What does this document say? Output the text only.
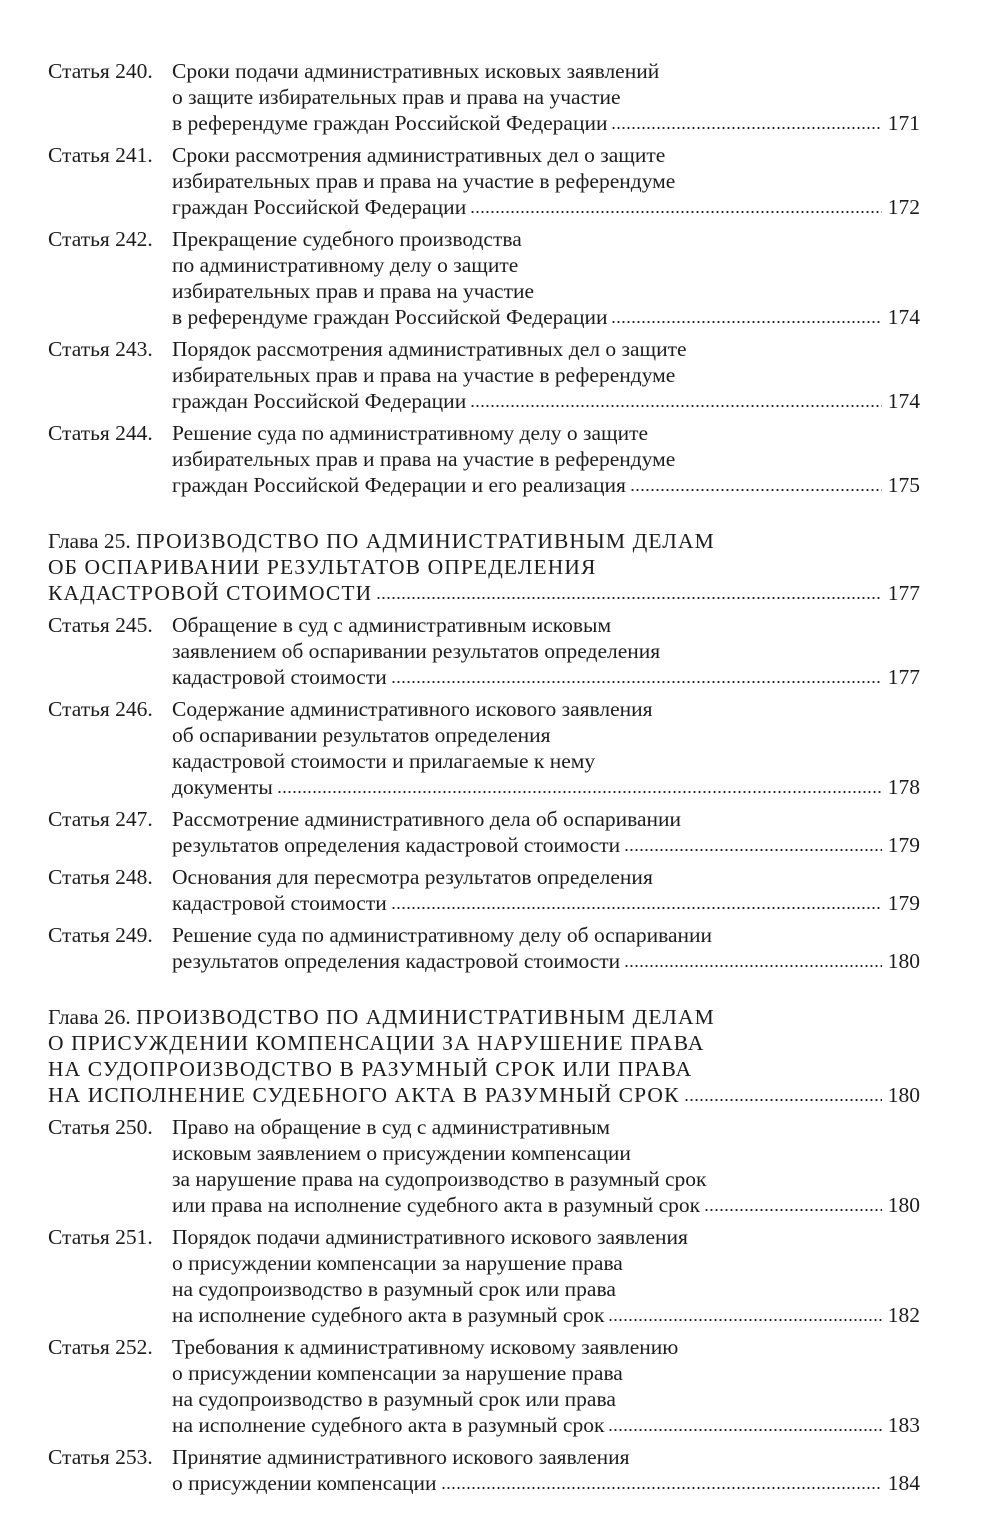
Статья 240. Сроки подачи административных исковых заявлений
о защите избирательных прав и права на участие
в референдуме граждан Российской Федерации	171
Статья 241. Сроки рассмотрения административных дел о защите
избирательных прав и права на участие в референдуме
граждан Российской Федерации	172
Статья 242. Прекращение судебного производства
по административному делу о защите
избирательных прав и права на участие
в референдуме граждан Российской Федерации	174
Статья 243. Порядок рассмотрения административных дел о защите
избирательных прав и права на участие в референдуме
граждан Российской Федерации	174
Статья 244. Решение суда по административному делу о защите
избирательных прав и права на участие в референдуме
граждан Российской Федерации и его реализация	175
Глава 25. ПРОИЗВОДСТВО ПО АДМИНИСТРАТИВНЫМ ДЕЛАМ
ОБ ОСПАРИВАНИИ РЕЗУЛЬТАТОВ ОПРЕДЕЛЕНИЯ
КАДАСТРОВОЙ СТОИМОСТИ	177
Статья 245. Обращение в суд с административным исковым
заявлением об оспаривании результатов определения
кадастровой стоимости	177
Статья 246. Содержание административного искового заявления
об оспаривании результатов определения
кадастровой стоимости и прилагаемые к нему
документы	178
Статья 247. Рассмотрение административного дела об оспаривании
результатов определения кадастровой стоимости	179
Статья 248. Основания для пересмотра результатов определения
кадастровой стоимости	179
Статья 249. Решение суда по административному делу об оспаривании
результатов определения кадастровой стоимости	180
Глава 26. ПРОИЗВОДСТВО ПО АДМИНИСТРАТИВНЫМ ДЕЛАМ
О ПРИСУЖДЕНИИ КОМПЕНСАЦИИ ЗА НАРУШЕНИЕ ПРАВА
НА СУДОПРОИЗВОДСТВО В РАЗУМНЫЙ СРОК ИЛИ ПРАВА
НА ИСПОЛНЕНИЕ СУДЕБНОГО АКТА В РАЗУМНЫЙ СРОК	180
Статья 250. Право на обращение в суд с административным
исковым заявлением о присуждении компенсации
за нарушение права на судопроизводство в разумный срок
или права на исполнение судебного акта в разумный срок	180
Статья 251. Порядок подачи административного искового заявления
о присуждении компенсации за нарушение права
на судопроизводство в разумный срок или права
на исполнение судебного акта в разумный срок	182
Статья 252. Требования к административному исковому заявлению
о присуждении компенсации за нарушение права
на судопроизводство в разумный срок или права
на исполнение судебного акта в разумный срок	183
Статья 253. Принятие административного искового заявления
о присуждении компенсации	184
